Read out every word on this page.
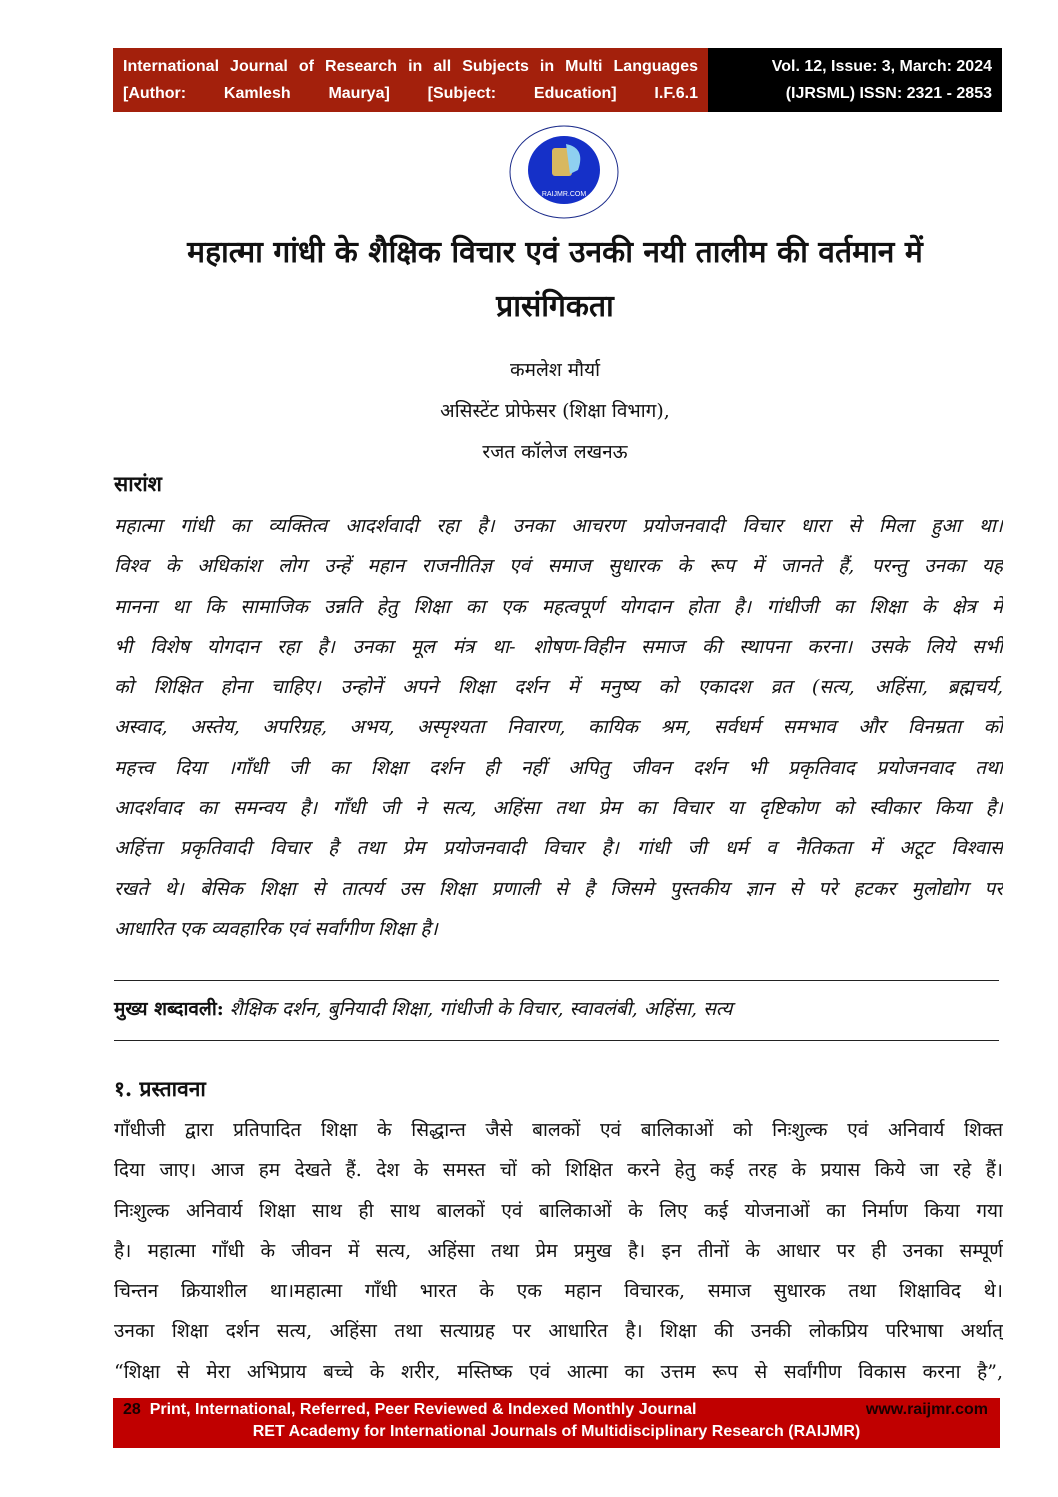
International Journal of Research in all Subjects in Multi Languages
[Author: Kamlesh Maurya] [Subject: Education] I.F.6.1
Vol. 12, Issue: 3, March: 2024
(IJRSML) ISSN: 2321 - 2853
RAIJMR.COM
महात्मा गांधी के शैक्षिक विचार एवं उनकी नयी तालीम की वर्तमान में
प्रासंगिकता
कमलेश मौर्या
असिस्टेंट प्रोफेसर (शिक्षा विभाग),
रजत कॉलेज लखनऊ
सारांश
महात्मा गांधी का व्यक्तित्व आदर्शवादी रहा है। उनका आचरण प्रयोजनवादी विचार धारा से मिला हुआ था।
विश्व के अधिकांश लोग उन्हें महान राजनीतिज्ञ एवं समाज सुधारक के रूप में जानते हैं, परन्तु उनका यह
मानना था कि सामाजिक उन्नति हेतु शिक्षा का एक महत्वपूर्ण योगदान होता है। गांधीजी का शिक्षा के क्षेत्र में
भी विशेष योगदान रहा है। उनका मूल मंत्र था- शोषण-विहीन समाज की स्थापना करना। उसके लिये सभी
को शिक्षित होना चाहिए। उन्होनें अपने शिक्षा दर्शन में मनुष्य को एकादश व्रत (सत्य, अहिंसा, ब्रह्मचर्य,
अस्वाद, अस्तेय, अपरिग्रह, अभय, अस्पृश्यता निवारण, कायिक श्रम, सर्वधर्म समभाव और विनम्रता को
महत्त्व दिया ।गाँधी जी का शिक्षा दर्शन ही नहीं अपितु जीवन दर्शन भी प्रकृतिवाद प्रयोजनवाद तथा
आदर्शवाद का समन्वय है। गाँधी जी ने सत्य, अहिंसा तथा प्रेम का विचार या दृष्टिकोण को स्वीकार किया है।
अहिंत्ता प्रकृतिवादी विचार है तथा प्रेम प्रयोजनवादी विचार है। गांधी जी धर्म व नैतिकता में अटूट विश्वास
रखते थे। बेसिक शिक्षा से तात्पर्य उस शिक्षा प्रणाली से है जिसमे पुस्तकीय ज्ञान से परे हटकर मुलोद्योग पर
आधारित एक व्यवहारिक एवं सर्वांगीण शिक्षा है।
मुख्य शब्दावली: शैक्षिक दर्शन, बुनियादी शिक्षा, गांधीजी के विचार, स्वावलंबी, अहिंसा, सत्य
१. प्रस्तावना
गाँधीजी द्वारा प्रतिपादित शिक्षा के सिद्धान्त जैसे बालकों एवं बालिकाओं को निःशुल्क एवं अनिवार्य शिक्त
दिया जाए। आज हम देखते हैं. देश के समस्त चों को शिक्षित करने हेतु कई तरह के प्रयास किये जा रहे हैं।
निःशुल्क अनिवार्य शिक्षा साथ ही साथ बालकों एवं बालिकाओं के लिए कई योजनाओं का निर्माण किया गया
है। महात्मा गाँधी के जीवन में सत्य, अहिंसा तथा प्रेम प्रमुख है। इन तीनों के आधार पर ही उनका सम्पूर्ण
चिन्तन क्रियाशील था।महात्मा गाँधी भारत के एक महान विचारक, समाज सुधारक तथा शिक्षाविद थे।
उनका शिक्षा दर्शन सत्य, अहिंसा तथा सत्याग्रह पर आधारित है। शिक्षा की उनकी लोकप्रिय परिभाषा अर्थात्
“शिक्षा से मेरा अभिप्राय बच्चे के शरीर, मस्तिष्क एवं आत्मा का उत्तम रूप से सर्वांगीण विकास करना है”,
28 Print, International, Referred, Peer Reviewed & Indexed Monthly Journal	www.raijmr.com
RET Academy for International Journals of Multidisciplinary Research (RAIJMR)
